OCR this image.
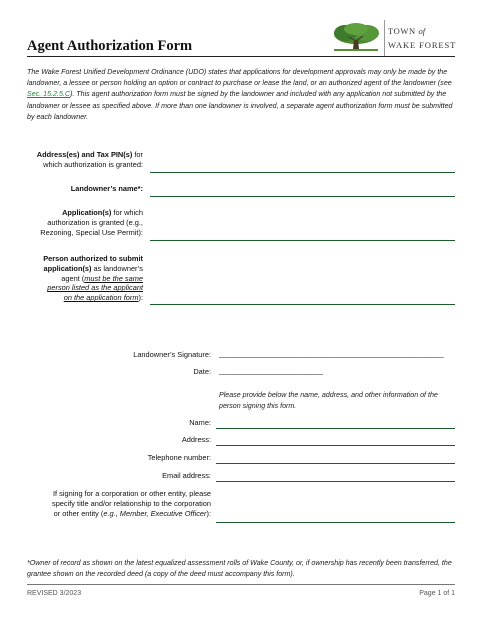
Agent Authorization Form
TOWN of
WAKE FOREST
The Wake Forest Unified Development Ordinance (UDO) states that applications for development approvals may only be made by the landowner, a lessee or person holding an option or contract to purchase or lease the land, or an authorized agent of the landowner (see Sec. 15.2.5.C). This agent authorization form must be signed by the landowner and included with any application not submitted by the landowner or lessee as specified above. If more than one landowner is involved, a separate agent authorization form must be submitted by each landowner.
Address(es) and Tax PIN(s) for
which authorization is granted:
Landowner’s name*:
Application(s) for which
authorization is granted (e.g.,
Rezoning, Special Use Permit):
Person authorized to submit
application(s) as landowner’s
agent (must be the same
person listed as the applicant
on the application form):
Landowner’s Signature: ______________________________________________________
Date: _________________________
Please provide below the name, address, and other information of the person signing this form.
Name:
Address:
Telephone number:
Email address:
If signing for a corporation or other entity, please
specify title and/or relationship to the corporation
or other entity (e.g., Member, Executive Officer):
*Owner of record as shown on the latest equalized assessment rolls of Wake County, or, if ownership has recently been transferred, the grantee shown on the recorded deed (a copy of the deed must accompany this form).
REVISED 3/2023	Page 1 of 1
